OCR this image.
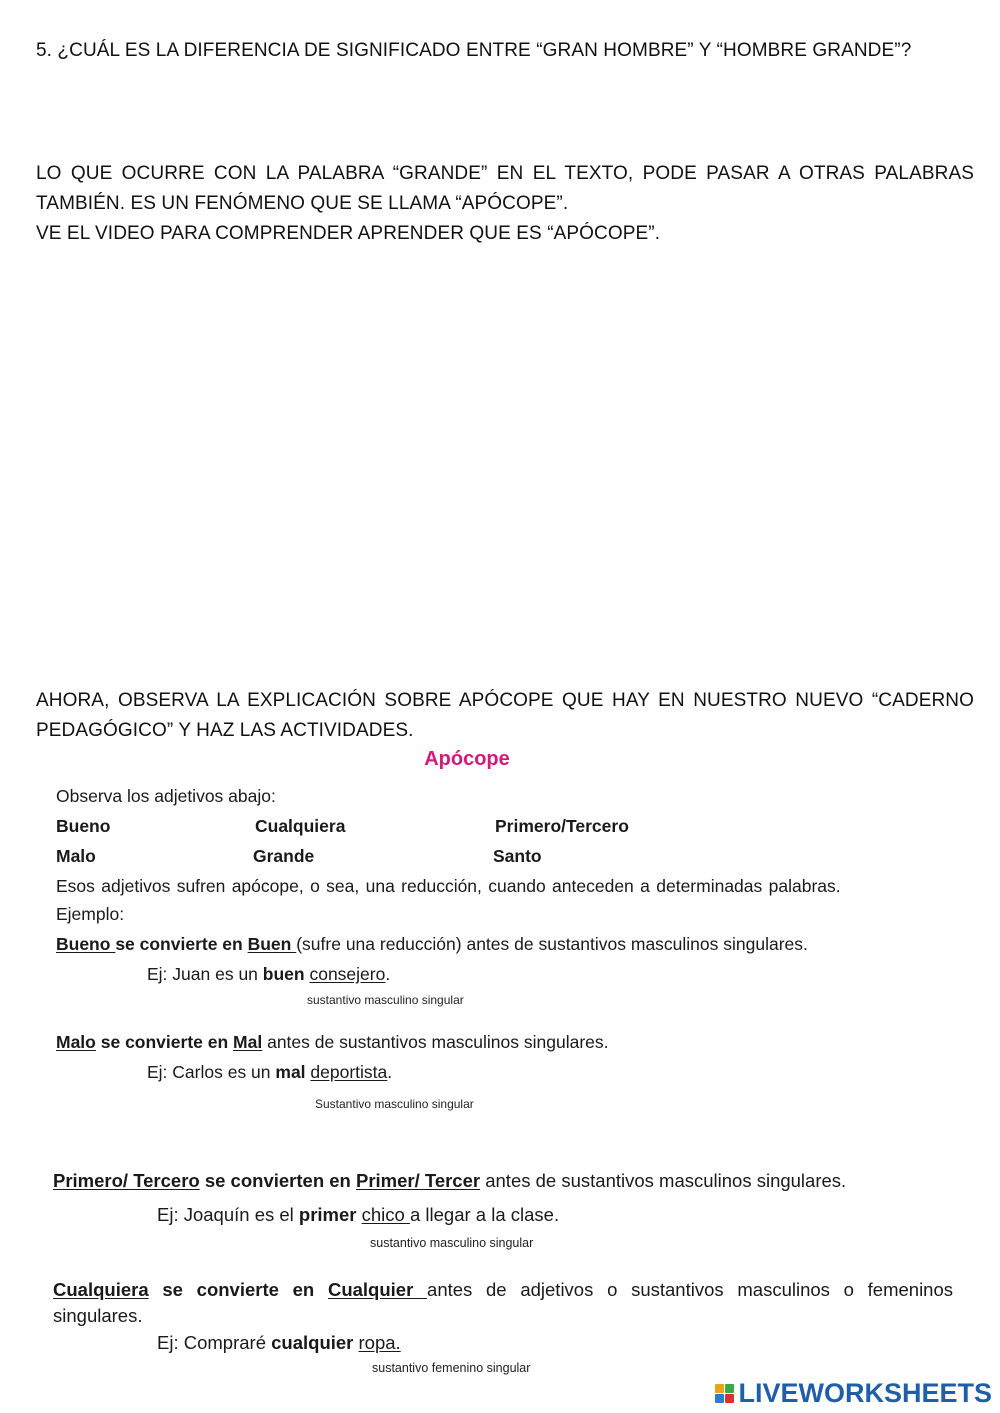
5. ¿CUÁL ES LA DIFERENCIA DE SIGNIFICADO ENTRE “GRAN HOMBRE” Y “HOMBRE GRANDE”?

LO QUE OCURRE CON LA PALABRA “GRANDE” EN EL TEXTO, PODE PASAR A OTRAS PALABRAS
TAMBIÉN. ES UN FENÓMENO QUE SE LLAMA “APÓCOPE”.
VE EL VIDEO PARA COMPRENDER APRENDER QUE ES “APÓCOPE”.
AHORA, OBSERVA LA EXPLICACIÓN SOBRE APÓCOPE QUE HAY EN NUESTRO NUEVO “CADERNO
PEDAGÓGICO” Y HAZ LAS ACTIVIDADES.
Apócope
Observa los adjetivos abajo:
Bueno	Cualquiera	Primero/Tercero
Malo	Grande	Santo
Esos adjetivos sufren apócope, o sea, una reducción, cuando anteceden a determinadas palabras.
Ejemplo:
Bueno se convierte en Buen (sufre una reducción) antes de sustantivos masculinos singulares.
Ej: Juan es un buen consejero.
sustantivo masculino singular
Malo se convierte en Mal antes de sustantivos masculinos singulares.
Ej: Carlos es un mal deportista.
Sustantivo masculino singular
Primero/ Tercero se convierten en Primer/ Tercer antes de sustantivos masculinos singulares.
Ej: Joaquín es el primer chico a llegar a la clase.
sustantivo masculino singular
Cualquiera se convierte en Cualquier antes de adjetivos o sustantivos masculinos o femeninos
singulares.
Ej: Compraré cualquier ropa.
sustantivo femenino singular
LIVEWORKSHEETS
